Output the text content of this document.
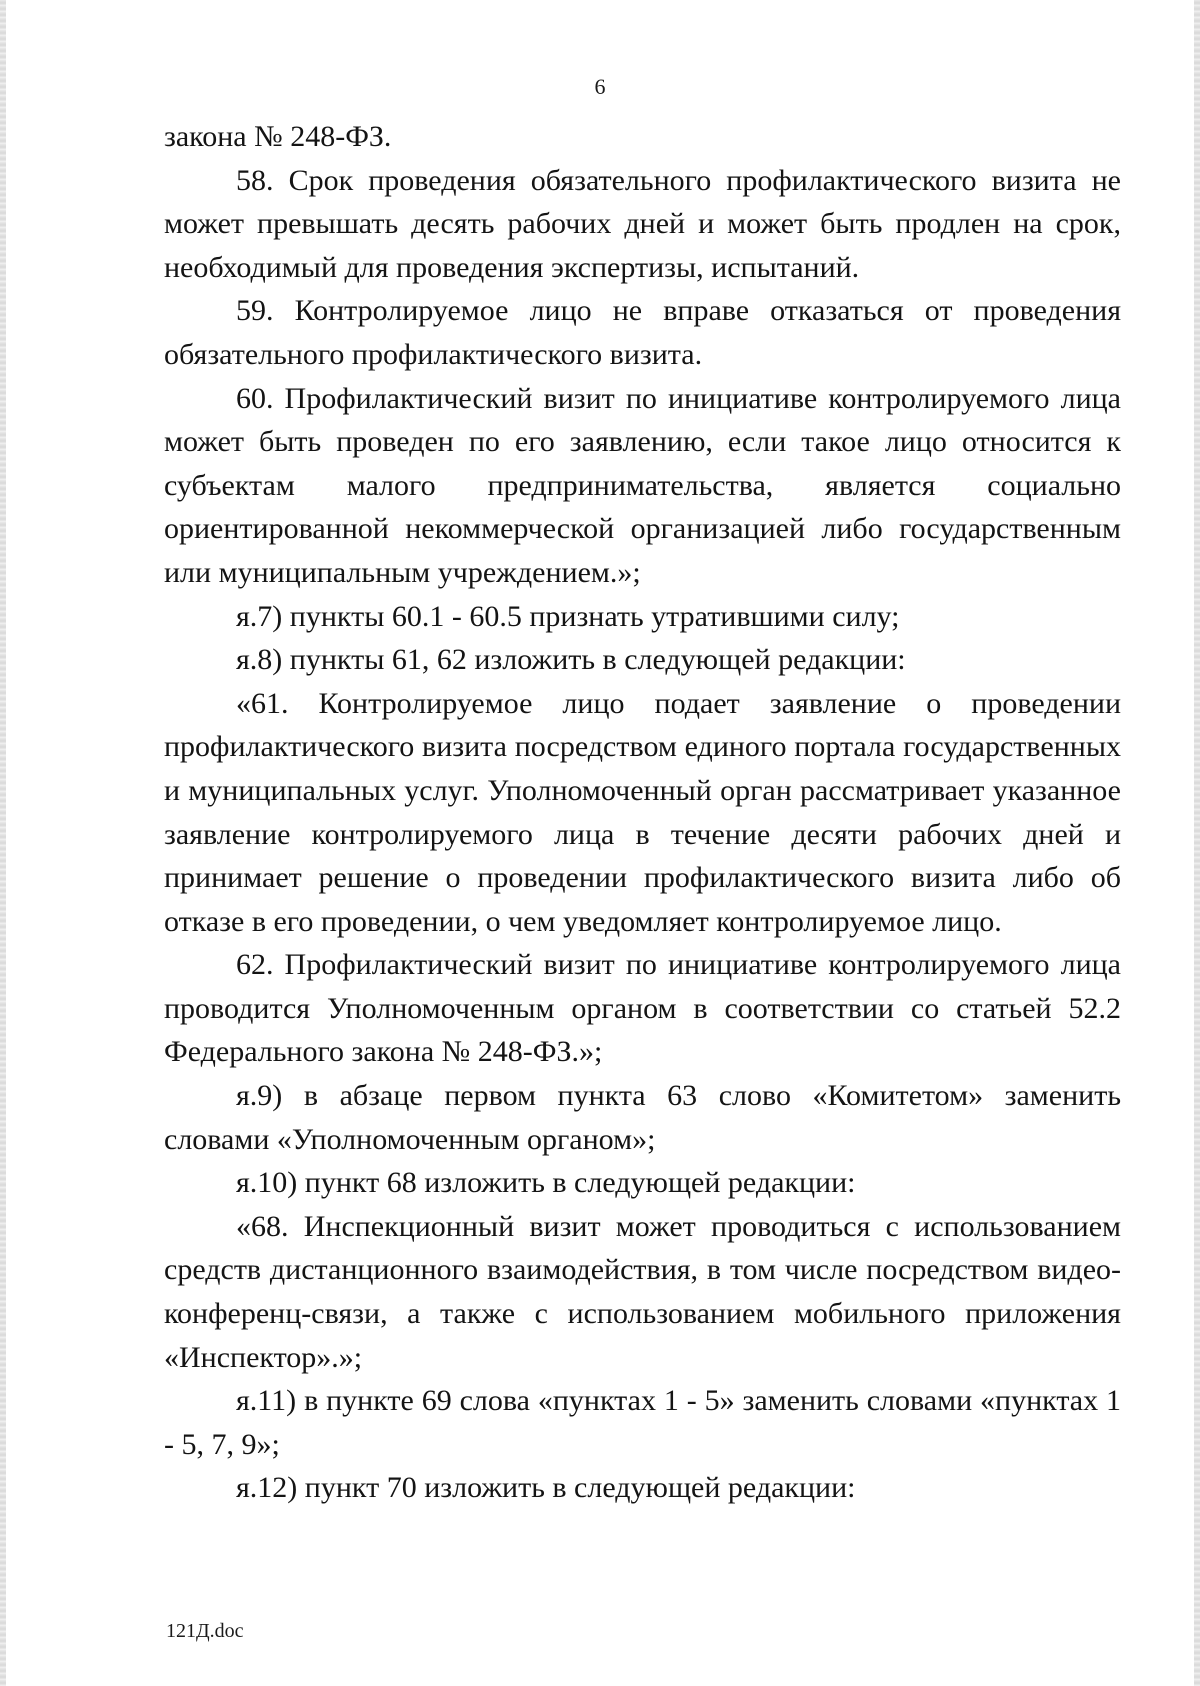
6

закона № 248-ФЗ.

58. Срок проведения обязательного профилактического визита не может превышать десять рабочих дней и может быть продлен на срок, необходимый для проведения экспертизы, испытаний.

59. Контролируемое лицо не вправе отказаться от проведения обязательного профилактического визита.

60. Профилактический визит по инициативе контролируемого лица может быть проведен по его заявлению, если такое лицо относится к субъектам малого предпринимательства, является социально ориентированной некоммерческой организацией либо государственным или муниципальным учреждением.»;

я.7) пункты 60.1 - 60.5 признать утратившими силу;

я.8) пункты 61, 62 изложить в следующей редакции:

«61. Контролируемое лицо подает заявление о проведении профилактического визита посредством единого портала государственных и муниципальных услуг. Уполномоченный орган рассматривает указанное заявление контролируемого лица в течение десяти рабочих дней и принимает решение о проведении профилактического визита либо об отказе в его проведении, о чем уведомляет контролируемое лицо.

62. Профилактический визит по инициативе контролируемого лица проводится Уполномоченным органом в соответствии со статьей 52.2 Федерального закона № 248-ФЗ.»;

я.9) в абзаце первом пункта 63 слово «Комитетом» заменить словами «Уполномоченным органом»;

я.10) пункт 68 изложить в следующей редакции:

«68. Инспекционный визит может проводиться с использованием средств дистанционного взаимодействия, в том числе посредством видео-конференц-связи, а также с использованием мобильного приложения «Инспектор».»;

я.11) в пункте 69 слова «пунктах 1 - 5» заменить словами «пунктах 1 - 5, 7, 9»;

я.12) пункт 70 изложить в следующей редакции:

121Д.doc
